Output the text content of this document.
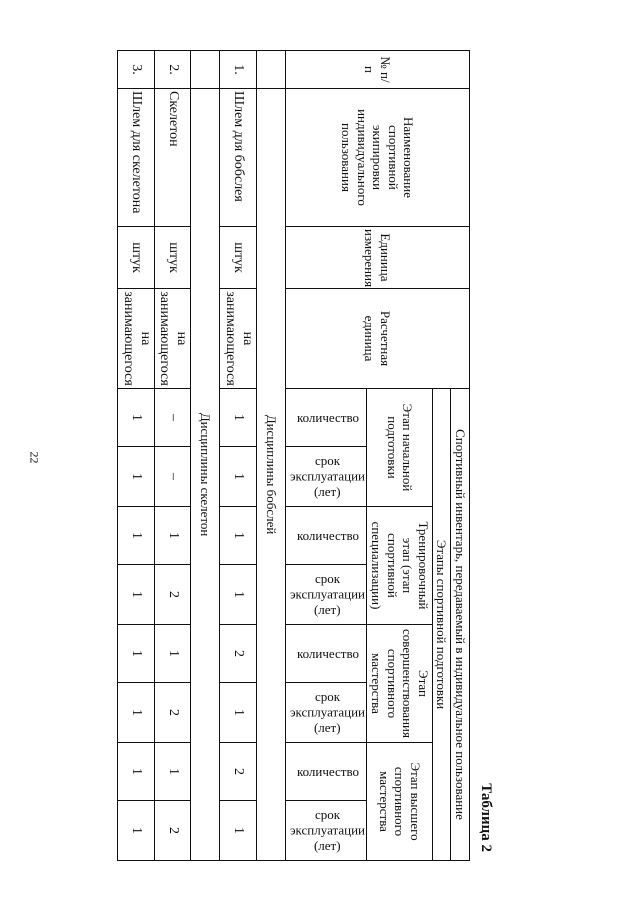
22
Таблица 2
№ п/п	Наименование спортивной экипировки индивидуального пользования	Единица измерения	Расчетная единица	Спортивный инвентарь, передаваемый в индивидуальное пользование							
				Этапы спортивной подготовки							
				Этап начальной подготовки		Тренировочный этап (этап спортивной специализации)		Этап совершенствования спортивного мастерства		Этап высшего спортивного мастерства	
				количество	срок эксплуатации (лет)	количество	срок эксплуатации (лет)	количество	срок эксплуатации (лет)	количество	срок эксплуатации (лет)
	Дисциплины бобслей										
1.	Шлем для бобслея	штук	на занимающегося	1	1	1	1	2	1	2	1
	Дисциплины скелетон										
2.	Скелетон	штук	на занимающегося	–	–	1	2	1	2	1	2
3.	Шлем для скелетона	штук	на занимающегося	1	1	1	1	1	1	1	1
